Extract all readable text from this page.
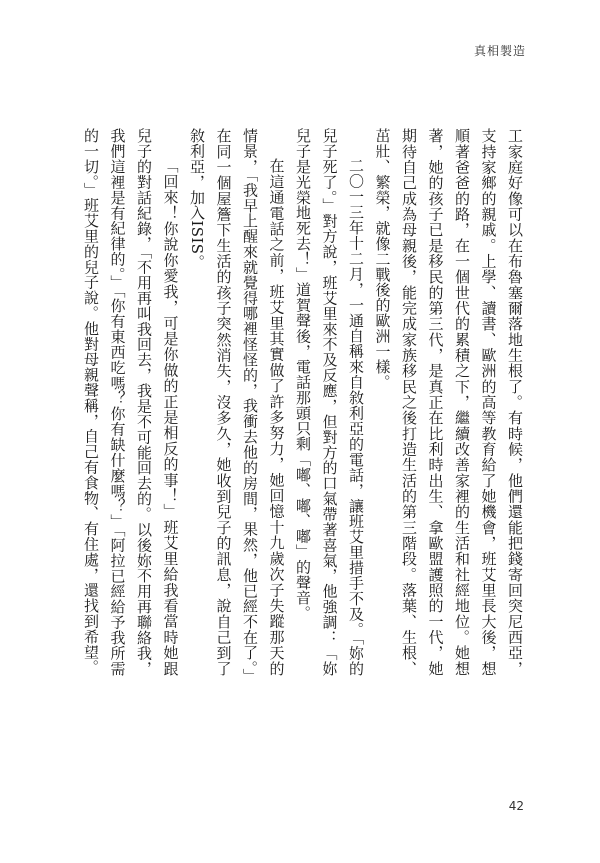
真相製造

工家庭好像可以在布魯塞爾落地生根了。有時候，他們還能把錢寄回突尼西亞，支持家鄉的親戚。上學、讀書、歐洲的高等教育給了她機會，班艾里長大後，想順著爸爸的路，在一個世代的累積之下，繼續改善家裡的生活和社經地位。她想著，她的孩子已是移民的第三代，是真正在比利時出生、拿歐盟護照的一代，她期待自己成為母親後，能完成家族移民之後打造生活的第三階段。落葉、生根、茁壯、繁榮，就像二戰後的歐洲一樣。

二〇一三年十二月，一通自稱來自敘利亞的電話，讓班艾里措手不及。「妳的兒子死了。」對方說，班艾里來不及反應，但對方的口氣帶著喜氣，他強調：「妳兒子是光榮地死去！」道賀聲後，電話那頭只剩「嘟、嘟、嘟」的聲音。

在這通電話之前，班艾里其實做了許多努力，她回憶十九歲次子失蹤那天的情景，「我早上醒來就覺得哪裡怪怪的，我衝去他的房間，果然，他已經不在了。」在同一個屋簷下生活的孩子突然消失，沒多久，她收到兒子的訊息，說自己到了敘利亞，加入ISIS。

「回來！你說你愛我，可是你做的正是相反的事！」班艾里給我看當時她跟兒子的對話紀錄，「不用再叫我回去，我是不可能回去的。以後妳不用再聯絡我，我們這裡是有紀律的。」「你有東西吃嗎？你有缺什麼嗎？」「阿拉已經給予我所需的一切。」班艾里的兒子說。他對母親聲稱，自己有食物、有住處，還找到希望。

42
